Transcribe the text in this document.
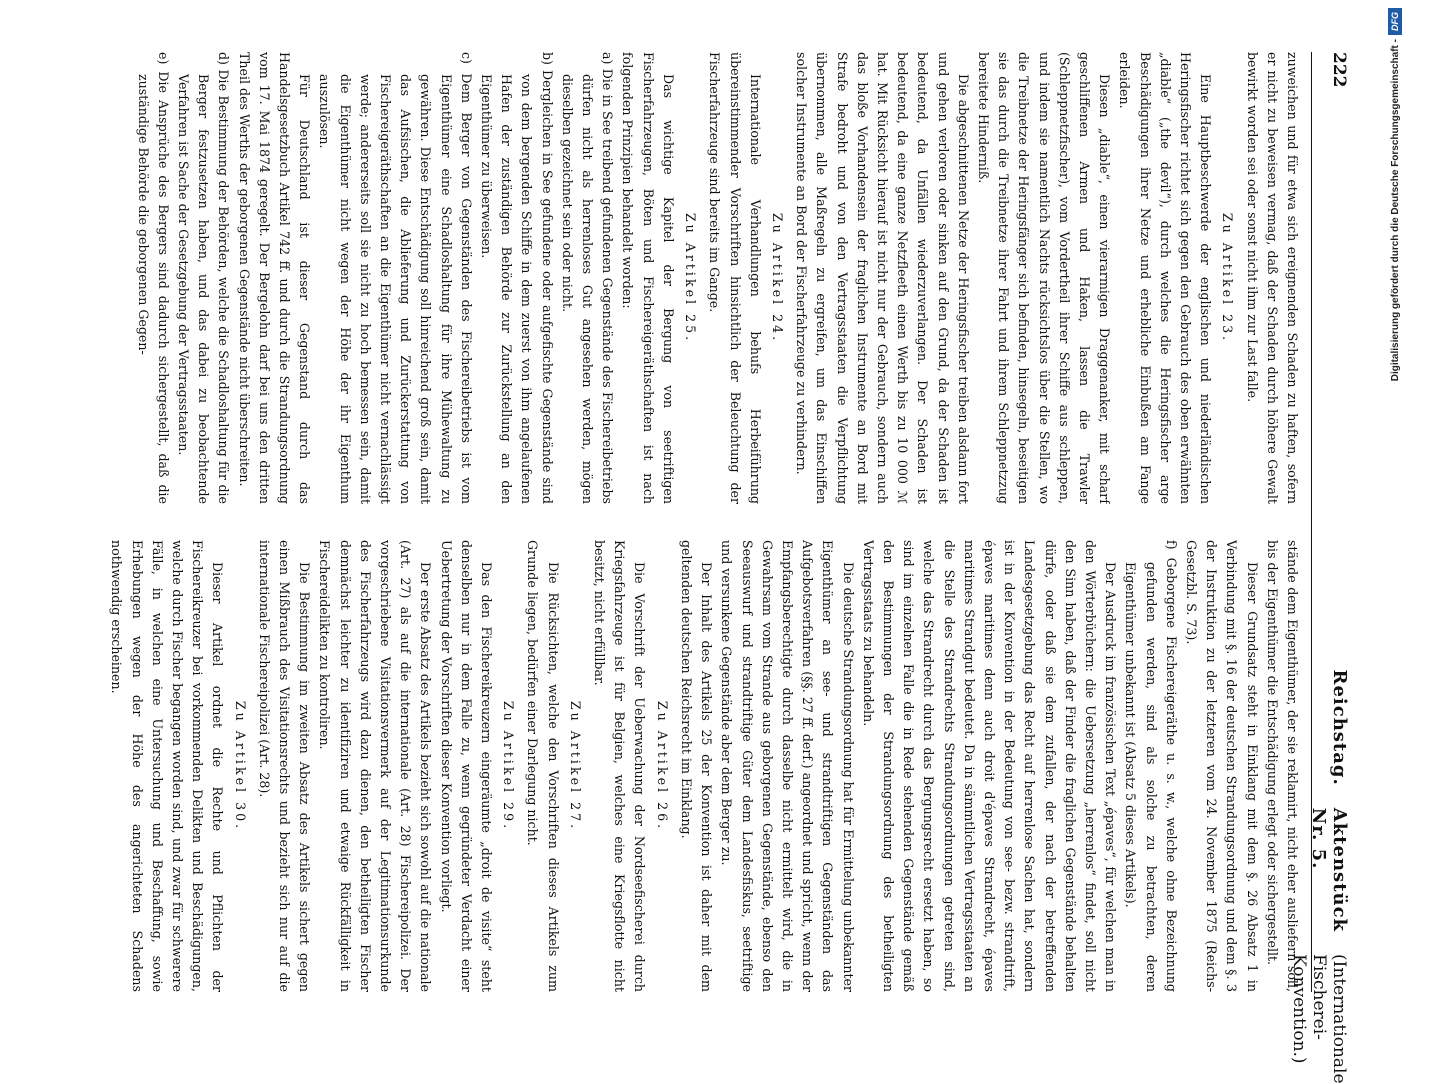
222
Reichstag.
Aktenstück Nr. 5.
(Internationale Fischerei-Konvention.)

zuweichen und für etwa sich ereignenden Schaden zu haften, sofern er nicht zu beweisen vermag, daß der Schaden durch höhere Gewalt bewirkt worden sei oder sonst nicht ihm zur Last falle.

Zu Artikel 23.

Eine Hauptbeschwerde der englischen und niederländischen Heringsfischer richtet sich gegen den Gebrauch des oben erwähnten „diable“ („the devil“), durch welches die Heringsfischer arge Beschädigungen ihrer Netze und erhebliche Einbußen am Fange erleiden.

Diesen „diable“, einen vierarmigen Draggenanker, mit scharf geschliffenen Armen und Haken, lassen die Trawler (Schleppnetzfischer), vom Vordertheil ihrer Schiffe aus schleppen, und indem sie namentlich Nachts rücksichtslos über die Stellen, wo die Treibnetze der Heringsfänger sich befinden, hinsegeln, beseitigen sie das durch die Treibnetze ihrer Fahrt und ihrem Schleppnetzzug bereitete Hinderniß.

Die abgeschnittenen Netze der Heringsfischer treiben alsdann fort und gehen verloren oder sinken auf den Grund, da der Schaden ist bedeutend, da Unfällen wiederzuverlangen. Der Schaden ist bedeutend, da eine ganze Netzfleeth einen Werth bis zu 10 000 ℳ hat. Mit Rücksicht hierauf ist nicht nur der Gebrauch, sondern auch das bloße Vorhandensein der fraglichen Instrumente an Bord mit Strafe bedroht und von den Vertragsstaaten die Verpflichtung übernommen, alle Maßregeln zu ergreifen, um das Einschiffen solcher Instrumente an Bord der Fischerfahrzeuge zu verhindern.

Zu Artikel 24.

Internationale Verhandlungen behufs Herbeiführung übereinstimmender Vorschriften hinsichtlich der Beleuchtung der Fischerfahrzeuge sind bereits im Gange.

Zu Artikel 25.

Das wichtige Kapitel der Bergung von seetriftigen Fischerfahrzeugen, Böten und Fischereigeräthschaften ist nach folgenden Prinzipien behandelt worden:

a) Die in See treibend gefundenen Gegenstände des Fischereibetriebs dürfen nicht als herrenloses Gut angesehen werden, mögen dieselben gezeichnet sein oder nicht.

b) Dergleichen in See gefundene oder aufgefischte Gegenstände sind von dem bergenden Schiffe in dem zuerst von ihm angelaufenen Hafen der zuständigen Behörde zur Zurückstellung an den Eigenthümer zu überweisen.

c) Dem Berger von Gegenständen des Fischereibetriebs ist vom Eigenthümer eine Schadloshaltung für ihre Mühewaltung zu gewähren. Diese Entschädigung soll hinreichend groß sein, damit das Aufsischen, die Ablieferung und Zurückerstattung von Fischereigeräthschaften an die Eigenthümer nicht vernachlässigt werde; andererseits soll sie nicht zu hoch bemessen sein, damit die Eigenthümer nicht wegen der Höhe der ihr Eigenthum auszulösen.

Für Deutschland ist dieser Gegenstand durch das Handelsgesetzbuch Artikel 742 ff. und durch die Strandungsordnung vom 17. Mai 1874 geregelt. Der Bergelohn darf bei uns den dritten Theil des Werths der geborgenen Gegenstände nicht überschreiten.

d) Die Bestimmung der Behörden, welche die Schadloshaltung für die Berger festzusetzen haben, und das dabei zu beobachtende Verfahren ist Sache der Gesetzgebung der Vertragsstaaten.

e) Die Ansprüche des Bergers sind dadurch sichergestellt, daß die zuständige Behörde die geborgenen Gegen-

stände dem Eigenthümer, der sie reklamirt, nicht eher ausliefern soll, bis der Eigenthümer die Entschädigung erlegt oder sichergestellt.

Dieser Grundsatz steht in Einklang mit dem §. 26 Absatz 1 in Verbindung mit §. 16 der deutschen Strandungsordnung und dem §. 3 der Instruktion zu der letzteren vom 24. November 1875 (Reichs-Gesetzbl. S. 73).

f) Geborgene Fischereigeräthe u. s. w., welche ohne Bezeichnung gefunden werden, sind als solche zu betrachten, deren Eigenthümer unbekannt ist (Absatz 5 dieses Artikels).

Der Ausdruck im französischen Text „épaves“, für welchen man in den Wörterbüchern: die Uebersetzung „herrenlos“ findet, soll nicht den Sinn haben, daß der Finder die fraglichen Gegenstände behalten dürfe, oder daß sie dem zufallen, der nach der betreffenden Landesgesetzgebung das Recht auf herrenlose Sachen hat, sondern ist in der Konvention in der Bedeutung von see- bezw. strandtrift, épaves maritimes denn auch droit d'épaves Strandrecht, épaves maritimes Strandgut bedeutet. Da in sämmtlichen Vertragsstaaten an die Stelle des Strandrechts Strandungsordnungen getreten sind, welche das Strandrecht durch das Bergungsrecht ersetzt haben, so sind im einzelnen Falle die in Rede stehenden Gegenstände gemäß den Bestimmungen der Strandungsordnung des betheiligten Vertragsstaats zu behandeln.

Die deutsche Strandungsordnung hat für Ermittelung unbekannter Eigenthümer an see- und strandtriftigen Gegenständen das Aufgebotsverfahren (§§. 27 ff. derf.) angeordnet und spricht, wenn der Empfangsberechtigte durch dasselbe nicht ermittelt wird, die in Gewahrsam vom Strande aus geborgenen Gegenstände, ebenso den Seeauswurf und strandtriftige Güter dem Landesfiskus, seetriftige und versunkene Gegenstände aber dem Berger zu.

Der Inhalt des Artikels 25 der Konvention ist daher mit dem geltenden deutschen Reichsrecht im Einklang.

Zu Artikel 26.

Die Vorschrift der Ueberwachung der Nordseefischerei durch Kriegsfahrzeuge ist für Belgien, welches eine Kriegsflotte nicht besitzt, nicht erfüllbar.

Zu Artikel 27.

Die Rücksichten, welche den Vorschriften dieses Artikels zum Grunde liegen, bedürfen einer Darlegung nicht.

Zu Artikel 29.

Das den Fischereikreuzern eingeräumte „droit de visite“ steht denselben nur in dem Falle zu, wenn gegründeter Verdacht einer Uebertretung der Vorschriften dieser Konvention vorliegt.

Der erste Absatz des Artikels bezieht sich sowohl auf die nationale (Art. 27) als auf die internationale (Art. 28) Fischereipolizei. Der vorgeschriebene Visitationsvermerk auf der Legitimationsurkunde des Fischerfahrzeugs wird dazu dienen, den betheiligten Fischer demnächst leichter zu identifiziren und etwaige Rückfälligkeit in Fischereidelikten zu kontroliren.

Die Bestimmung im zweiten Absatz des Artikels sichert gegen einen Mißbrauch des Visitationsrechts und bezieht sich nur auf die internationale Fischereipolizei (Art. 28).

Zu Artikel 30.

Dieser Artikel ordnet die Rechte und Pflichten der Fischereikreuzer bei vorkommenden Delikten und Beschädigungen, welche durch Fischer begangen worden sind, und zwar für schwerere Fälle, in welchen eine Untersuchung und Beschaffung, sowie Erhebungen wegen der Höhe des angerichteten Schadens nothwendig erscheinen.

Digitalisierung gefördert durch die Deutsche Forschungsgemeinschaft -DFG
